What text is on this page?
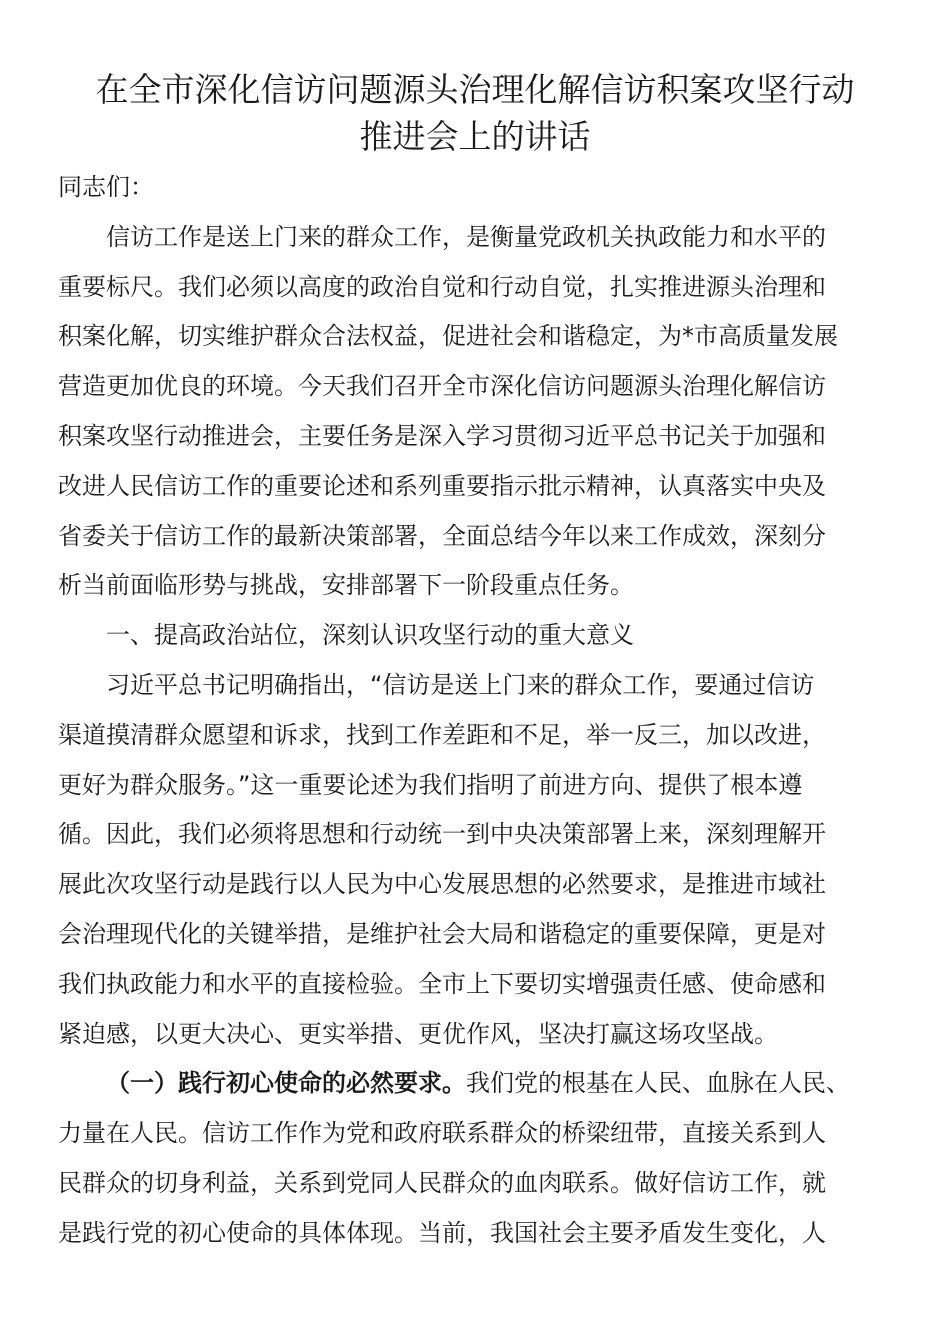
在全市深化信访问题源头治理化解信访积案攻坚行动
推进会上的讲话
同志们：
信访工作是送上门来的群众工作，是衡量党政机关执政能力和水平的
重要标尺。我们必须以高度的政治自觉和行动自觉，扎实推进源头治理和
积案化解，切实维护群众合法权益，促进社会和谐稳定，为*市高质量发展
营造更加优良的环境。今天我们召开全市深化信访问题源头治理化解信访
积案攻坚行动推进会，主要任务是深入学习贯彻习近平总书记关于加强和
改进人民信访工作的重要论述和系列重要指示批示精神，认真落实中央及
省委关于信访工作的最新决策部署，全面总结今年以来工作成效，深刻分
析当前面临形势与挑战，安排部署下一阶段重点任务。
一、提高政治站位，深刻认识攻坚行动的重大意义
习近平总书记明确指出，“信访是送上门来的群众工作，要通过信访
渠道摸清群众愿望和诉求，找到工作差距和不足，举一反三，加以改进，
更好为群众服务。”这一重要论述为我们指明了前进方向、提供了根本遵
循。因此，我们必须将思想和行动统一到中央决策部署上来，深刻理解开
展此次攻坚行动是践行以人民为中心发展思想的必然要求，是推进市域社
会治理现代化的关键举措，是维护社会大局和谐稳定的重要保障，更是对
我们执政能力和水平的直接检验。全市上下要切实增强责任感、使命感和
紧迫感，以更大决心、更实举措、更优作风，坚决打赢这场攻坚战。
（一）践行初心使命的必然要求。我们党的根基在人民、血脉在人民、
力量在人民。信访工作作为党和政府联系群众的桥梁纽带，直接关系到人
民群众的切身利益，关系到党同人民群众的血肉联系。做好信访工作，就
是践行党的初心使命的具体体现。当前，我国社会主要矛盾发生变化，人
